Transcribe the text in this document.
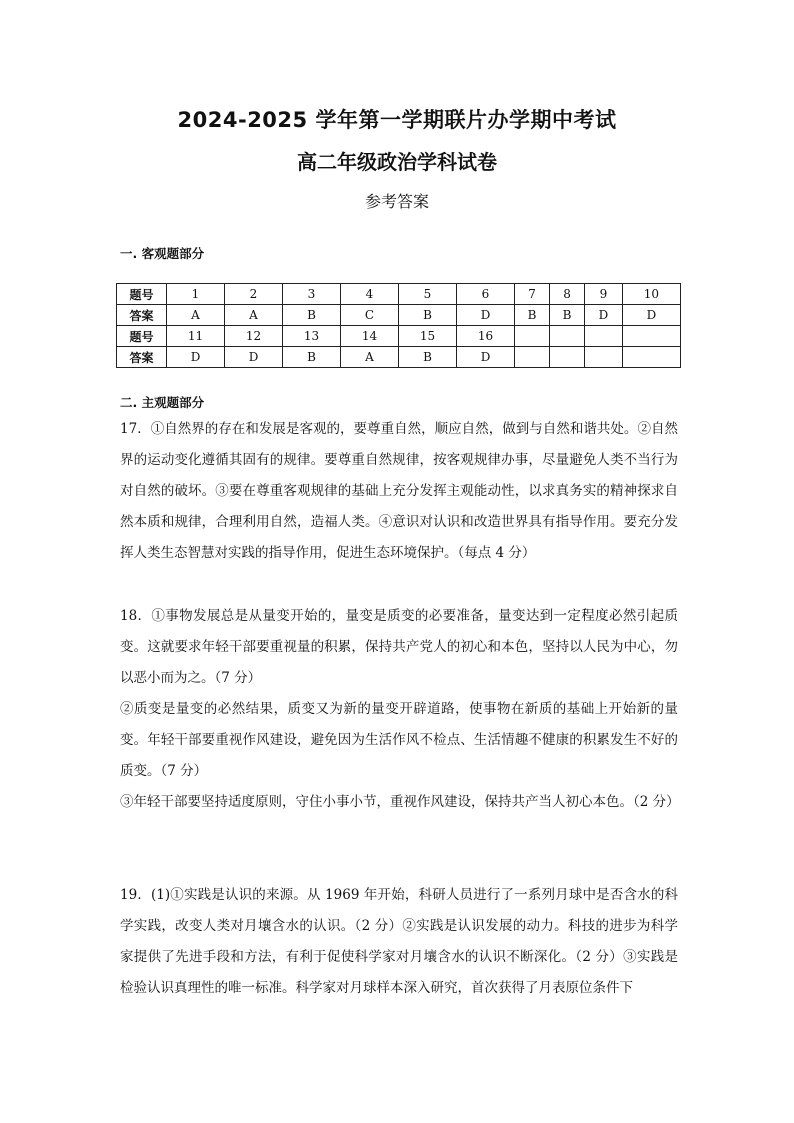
2024-2025 学年第一学期联片办学期中考试
高二年级政治学科试卷
参考答案
一. 客观题部分
题号	1	2	3	4	5	6	7	8	9	10
答案	A	A	B	C	B	D	B	B	D	D
题号	11	12	13	14	15	16				
答案	D	D	B	A	B	D				
二. 主观题部分

17．①自然界的存在和发展是客观的，要尊重自然，顺应自然，做到与自然和谐共处。②自然界的运动变化遵循其固有的规律。要尊重自然规律，按客观规律办事，尽量避免人类不当行为对自然的破坏。③要在尊重客观规律的基础上充分发挥主观能动性，以求真务实的精神探求自然本质和规律，合理利用自然，造福人类。④意识对认识和改造世界具有指导作用。要充分发挥人类生态智慧对实践的指导作用，促进生态环境保护。（每点 4 分）

18．①事物发展总是从量变开始的，量变是质变的必要准备，量变达到一定程度必然引起质变。这就要求年轻干部要重视量的积累，保持共产党人的初心和本色，坚持以人民为中心，勿以恶小而为之。（7 分）

②质变是量变的必然结果，质变又为新的量变开辟道路，使事物在新质的基础上开始新的量变。年轻干部要重视作风建设，避免因为生活作风不检点、生活情趣不健康的积累发生不好的质变。（7 分）

③年轻干部要坚持适度原则，守住小事小节，重视作风建设，保持共产当人初心本色。（2 分）

19．(1)①实践是认识的来源。从 1969 年开始，科研人员进行了一系列月球中是否含水的科学实践，改变人类对月壤含水的认识。（2 分）②实践是认识发展的动力。科技的进步为科学家提供了先进手段和方法，有利于促使科学家对月壤含水的认识不断深化。（2 分）③实践是检验认识真理性的唯一标准。科学家对月球样本深入研究，首次获得了月表原位条件下
